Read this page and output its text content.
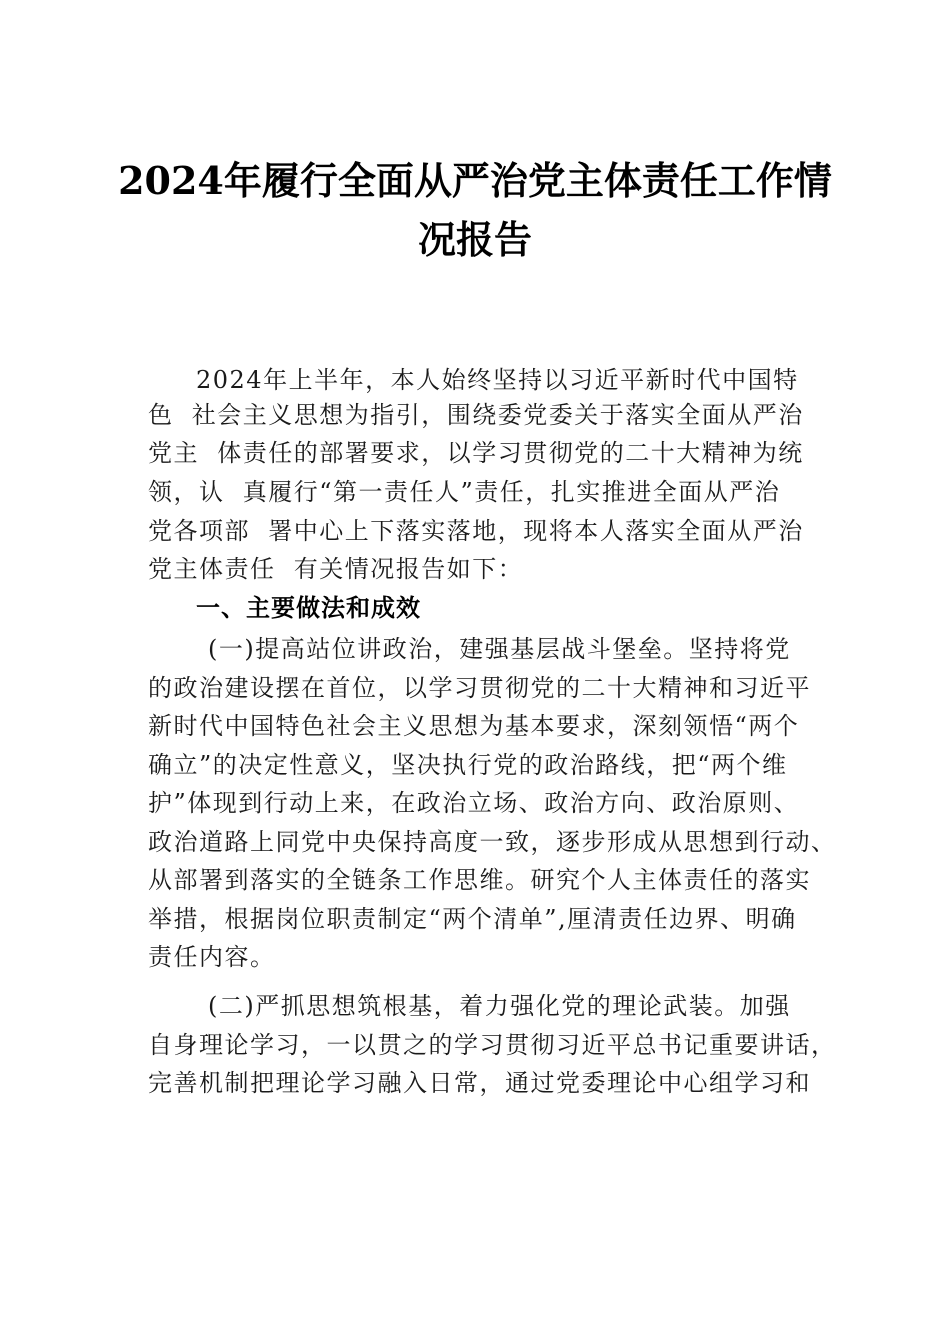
2024年履行全面从严治党主体责任工作情
况报告
2024年上半年，本人始终坚持以习近平新时代中国特
色  社会主义思想为指引，围绕委党委关于落实全面从严治
党主  体责任的部署要求，以学习贯彻党的二十大精神为统
领，认  真履行“第一责任人”责任，扎实推进全面从严治
党各项部  署中心上下落实落地，现将本人落实全面从严治
党主体责任  有关情况报告如下：
一、主要做法和成效
(一)提高站位讲政治，建强基层战斗堡垒。坚持将党
的政治建设摆在首位，以学习贯彻党的二十大精神和习近平
新时代中国特色社会主义思想为基本要求，深刻领悟“两个
确立”的决定性意义，坚决执行党的政治路线，把“两个维
护”体现到行动上来，在政治立场、政治方向、政治原则、
政治道路上同党中央保持高度一致，逐步形成从思想到行动、
从部署到落实的全链条工作思维。研究个人主体责任的落实
举措，根据岗位职责制定“两个清单”,厘清责任边界、明确
责任内容。
(二)严抓思想筑根基，着力强化党的理论武装。加强
自身理论学习，一以贯之的学习贯彻习近平总书记重要讲话，
完善机制把理论学习融入日常，通过党委理论中心组学习和
